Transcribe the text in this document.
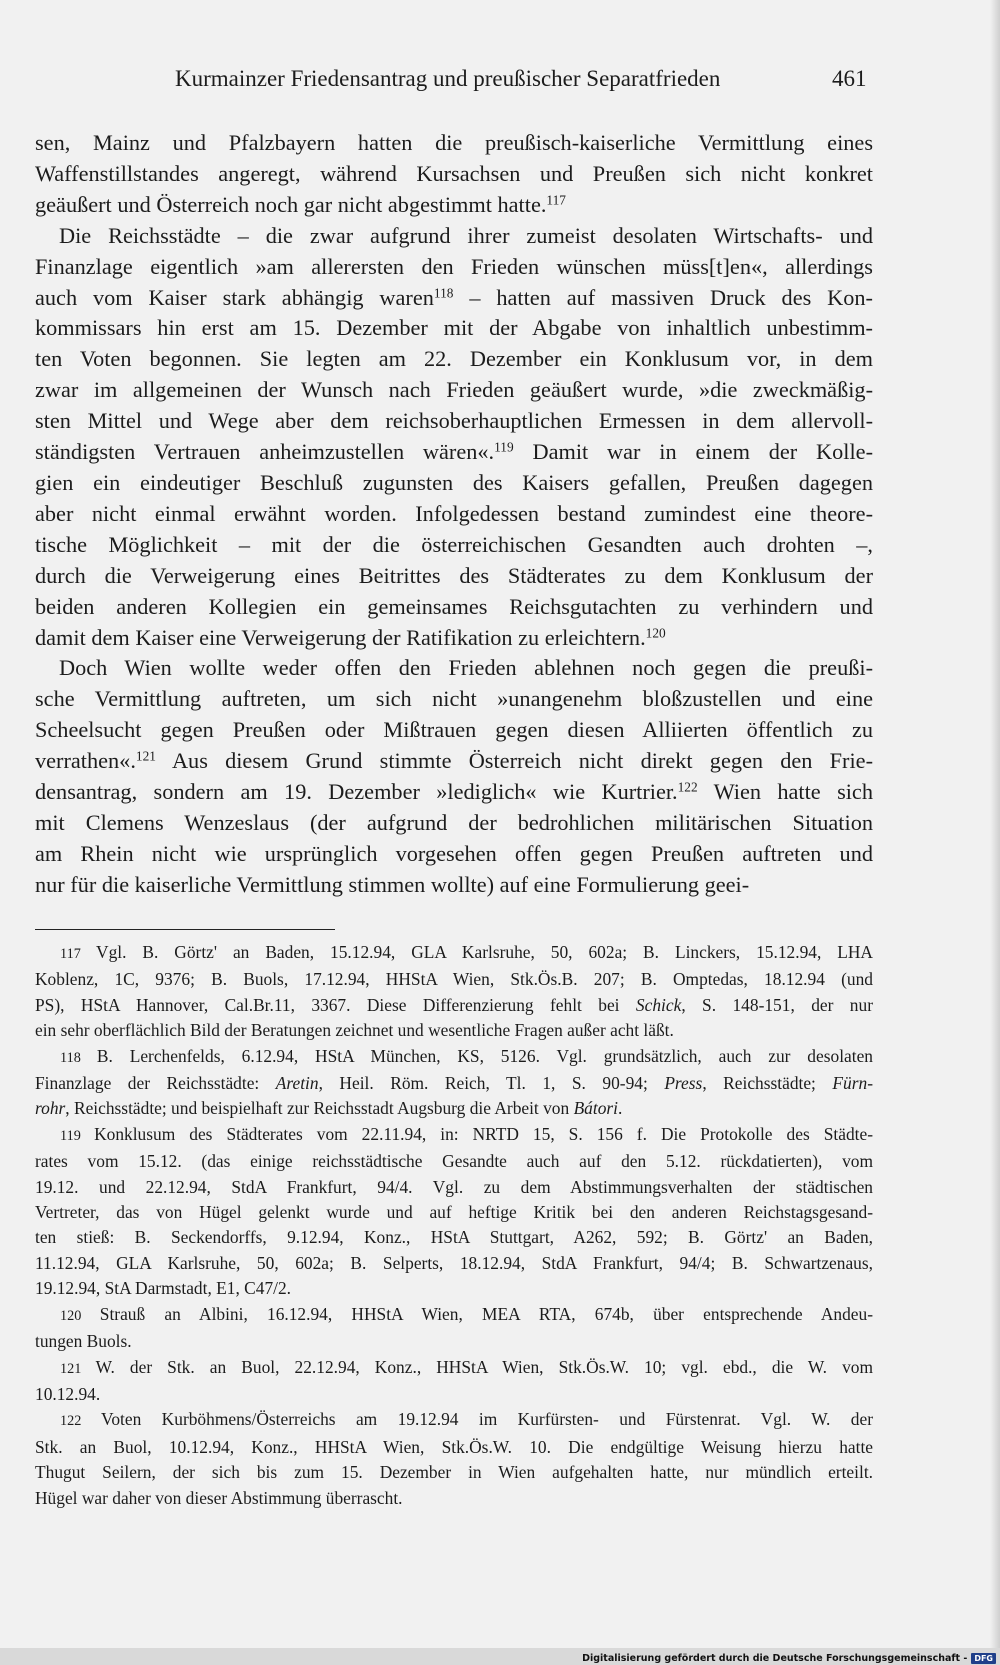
Kurmainzer Friedensantrag und preußischer Separatfrieden	461

sen, Mainz und Pfalzbayern hatten die preußisch-kaiserliche Vermittlung eines
Waffenstillstandes angeregt, während Kursachsen und Preußen sich nicht konkret
geäußert und Österreich noch gar nicht abgestimmt hatte.$^{117}$

Die Reichsstädte – die zwar aufgrund ihrer zumeist desolaten Wirtschafts- und
Finanzlage eigentlich »am allerersten den Frieden wünschen müss[t]en«, allerdings
auch vom Kaiser stark abhängig waren$^{118}$ – hatten auf massiven Druck des Kon-
kommissars hin erst am 15. Dezember mit der Abgabe von inhaltlich unbestimm-
ten Voten begonnen. Sie legten am 22. Dezember ein Konklusum vor, in dem
zwar im allgemeinen der Wunsch nach Frieden geäußert wurde, »die zweckmäßig-
sten Mittel und Wege aber dem reichsoberhauptlichen Ermessen in dem allervoll-
ständigsten Vertrauen anheimzustellen wären«.$^{119}$ Damit war in einem der Kolle-
gien ein eindeutiger Beschluß zugunsten des Kaisers gefallen, Preußen dagegen
aber nicht einmal erwähnt worden. Infolgedessen bestand zumindest eine theore-
tische Möglichkeit – mit der die österreichischen Gesandten auch drohten –,
durch die Verweigerung eines Beitrittes des Städterates zu dem Konklusum der
beiden anderen Kollegien ein gemeinsames Reichsgutachten zu verhindern und
damit dem Kaiser eine Verweigerung der Ratifikation zu erleichtern.$^{120}$

Doch Wien wollte weder offen den Frieden ablehnen noch gegen die preußi-
sche Vermittlung auftreten, um sich nicht »unangenehm bloßzustellen und eine
Scheelsucht gegen Preußen oder Mißtrauen gegen diesen Alliierten öffentlich zu
verrathen«.$^{121}$ Aus diesem Grund stimmte Österreich nicht direkt gegen den Frie-
densantrag, sondern am 19. Dezember »lediglich« wie Kurtrier.$^{122}$ Wien hatte sich
mit Clemens Wenzeslaus (der aufgrund der bedrohlichen militärischen Situation
am Rhein nicht wie ursprünglich vorgesehen offen gegen Preußen auftreten und
nur für die kaiserliche Vermittlung stimmen wollte) auf eine Formulierung geei-

117 Vgl. B. Görtz' an Baden, 15.12.94, GLA Karlsruhe, 50, 602a; B. Linckers, 15.12.94, LHA
Koblenz, 1C, 9376; B. Buols, 17.12.94, HHStA Wien, Stk.Ös.B. 207; B. Omptedas, 18.12.94 (und
PS), HStA Hannover, Cal.Br.11, 3367. Diese Differenzierung fehlt bei Schick, S. 148-151, der nur
ein sehr oberflächlich Bild der Beratungen zeichnet und wesentliche Fragen außer acht läßt.
118 B. Lerchenfelds, 6.12.94, HStA München, KS, 5126. Vgl. grundsätzlich, auch zur desolaten
Finanzlage der Reichsstädte: Aretin, Heil. Röm. Reich, Tl. 1, S. 90-94; Press, Reichsstädte; Fürn-
rohr, Reichsstädte; und beispielhaft zur Reichsstadt Augsburg die Arbeit von Bátori.
119 Konklusum des Städterates vom 22.11.94, in: NRTD 15, S. 156 f. Die Protokolle des Städte-
rates vom 15.12. (das einige reichsstädtische Gesandte auch auf den 5.12. rückdatierten), vom
19.12. und 22.12.94, StdA Frankfurt, 94/4. Vgl. zu dem Abstimmungsverhalten der städtischen
Vertreter, das von Hügel gelenkt wurde und auf heftige Kritik bei den anderen Reichstagsgesand-
ten stieß: B. Seckendorffs, 9.12.94, Konz., HStA Stuttgart, A262, 592; B. Görtz' an Baden,
11.12.94, GLA Karlsruhe, 50, 602a; B. Selperts, 18.12.94, StdA Frankfurt, 94/4; B. Schwartzenaus,
19.12.94, StA Darmstadt, E1, C47/2.
120 Strauß an Albini, 16.12.94, HHStA Wien, MEA RTA, 674b, über entsprechende Andeu-
tungen Buols.
121 W. der Stk. an Buol, 22.12.94, Konz., HHStA Wien, Stk.Ös.W. 10; vgl. ebd., die W. vom
10.12.94.
122 Voten Kurböhmens/Österreichs am 19.12.94 im Kurfürsten- und Fürstenrat. Vgl. W. der
Stk. an Buol, 10.12.94, Konz., HHStA Wien, Stk.Ös.W. 10. Die endgültige Weisung hierzu hatte
Thugut Seilern, der sich bis zum 15. Dezember in Wien aufgehalten hatte, nur mündlich erteilt.
Hügel war daher von dieser Abstimmung überrascht.
Digitalisierung gefördert durch die Deutsche Forschungsgemeinschaft - DFG
